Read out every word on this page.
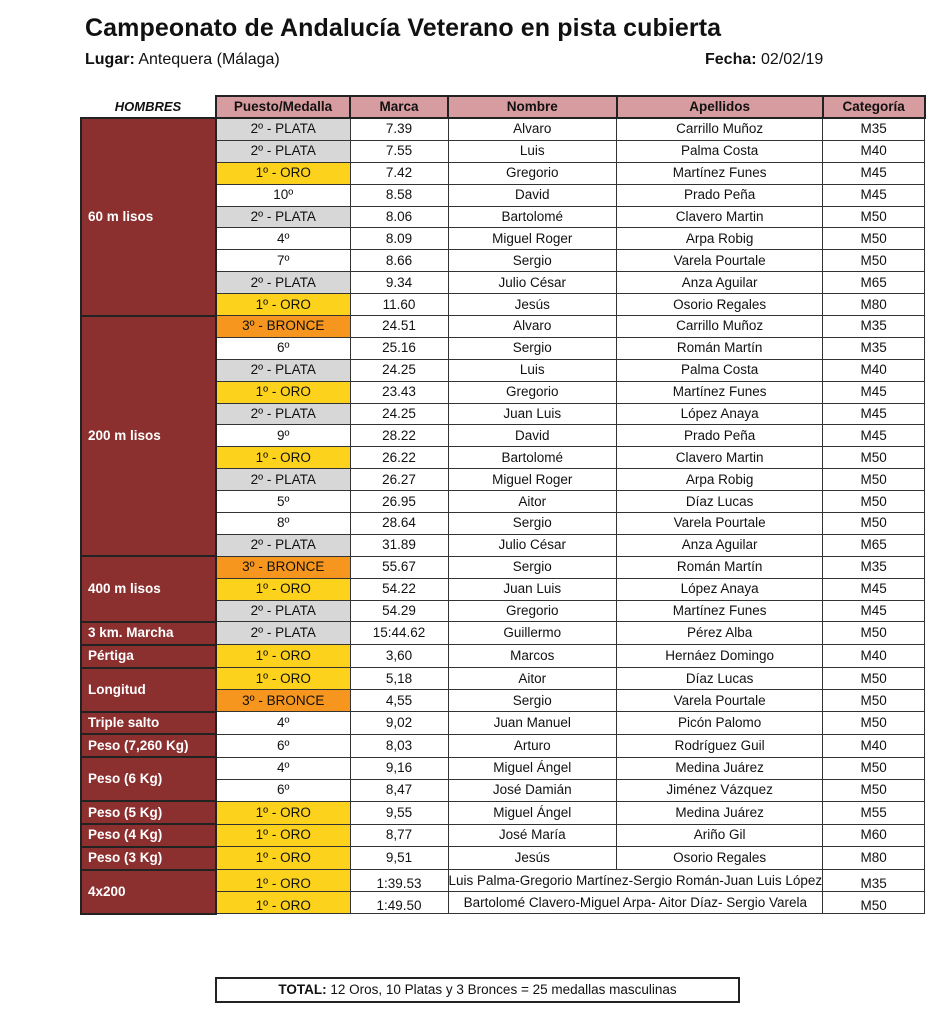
Campeonato de Andalucía Veterano en pista cubierta
Lugar: Antequera (Málaga)	Fecha: 02/02/19
HOMBRES	Puesto/Medalla	Marca	Nombre	Apellidos	Categoría
60 m lisos	2º - PLATA	7.39	Alvaro	Carrillo Muñoz	M35
	2º - PLATA	7.55	Luis	Palma Costa	M40
	1º - ORO	7.42	Gregorio	Martínez Funes	M45
	10º	8.58	David	Prado Peña	M45
	2º - PLATA	8.06	Bartolomé	Clavero Martin	M50
	4º	8.09	Miguel Roger	Arpa Robig	M50
	7º	8.66	Sergio	Varela Pourtale	M50
	2º - PLATA	9.34	Julio César	Anza Aguilar	M65
	1º - ORO	11.60	Jesús	Osorio Regales	M80
200 m lisos	3º - BRONCE	24.51	Alvaro	Carrillo Muñoz	M35
	6º	25.16	Sergio	Román Martín	M35
	2º - PLATA	24.25	Luis	Palma Costa	M40
	1º - ORO	23.43	Gregorio	Martínez Funes	M45
	2º - PLATA	24.25	Juan Luis	López Anaya	M45
	9º	28.22	David	Prado Peña	M45
	1º - ORO	26.22	Bartolomé	Clavero Martin	M50
	2º - PLATA	26.27	Miguel Roger	Arpa Robig	M50
	5º	26.95	Aitor	Díaz Lucas	M50
	8º	28.64	Sergio	Varela Pourtale	M50
	2º - PLATA	31.89	Julio César	Anza Aguilar	M65
400 m lisos	3º - BRONCE	55.67	Sergio	Román Martín	M35
	1º - ORO	54.22	Juan Luis	López Anaya	M45
	2º - PLATA	54.29	Gregorio	Martínez Funes	M45
3 km. Marcha	2º - PLATA	15:44.62	Guillermo	Pérez Alba	M50
Pértiga	1º - ORO	3,60	Marcos	Hernáez Domingo	M40
Longitud	1º - ORO	5,18	Aitor	Díaz Lucas	M50
	3º - BRONCE	4,55	Sergio	Varela Pourtale	M50
Triple salto	4º	9,02	Juan Manuel	Picón Palomo	M50
Peso (7,260 Kg)	6º	8,03	Arturo	Rodríguez Guil	M40
Peso (6 Kg)	4º	9,16	Miguel Ángel	Medina Juárez	M50
	6º	8,47	José Damián	Jiménez Vázquez	M50
Peso (5 Kg)	1º - ORO	9,55	Miguel Ángel	Medina Juárez	M55
Peso (4 Kg)	1º - ORO	8,77	José María	Ariño Gil	M60
Peso (3 Kg)	1º - ORO	9,51	Jesús	Osorio Regales	M80
4x200	1º - ORO	1:39.53	Luis Palma-Gregorio Martínez-Sergio Román-Juan Luis López		M35
	1º - ORO	1:49.50	Bartolomé Clavero-Miguel Arpa- Aitor Díaz- Sergio Varela		M50
TOTAL: 12 Oros, 10 Platas y 3 Bronces = 25 medallas masculinas
